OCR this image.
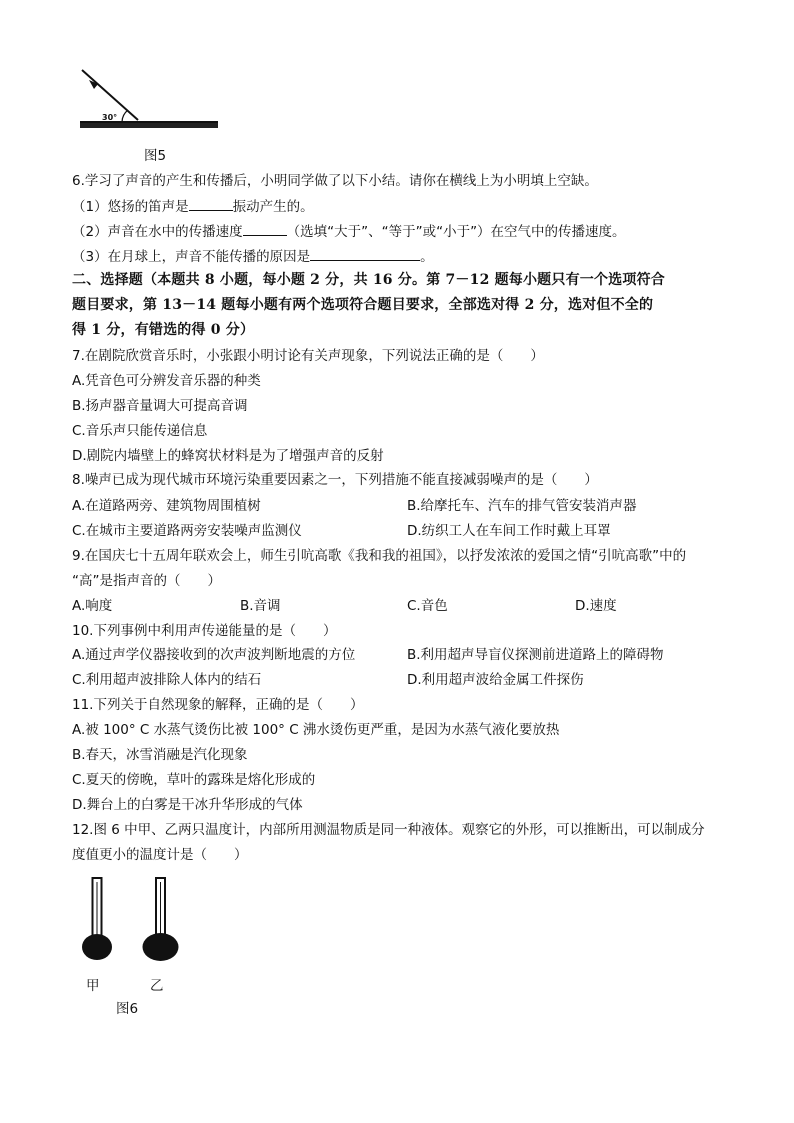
30°
图5
6.学习了声音的产生和传播后，小明同学做了以下小结。请你在横线上为小明填上空缺。
（1）悠扬的笛声是	振动产生的。
（2）声音在水中的传播速度	（选填“大于”、“等于”或“小于”）在空气中的传播速度。
（3）在月球上，声音不能传播的原因是	。
二、选择题（本题共 8 小题，每小题 2 分，共 16 分。第 7－12 题每小题只有一个选项符合
题目要求，第 13－14 题每小题有两个选项符合题目要求，全部选对得 2 分，选对但不全的
得 1 分，有错选的得 0 分）
7.在剧院欣赏音乐时，小张跟小明讨论有关声现象，下列说法正确的是（　　）
A.凭音色可分辨发音乐器的种类
B.扬声器音量调大可提高音调
C.音乐声只能传递信息
D.剧院内墙壁上的蜂窝状材料是为了增强声音的反射
8.噪声已成为现代城市环境污染重要因素之一，下列措施不能直接减弱噪声的是（　　）
A.在道路两旁、建筑物周围植树	B.给摩托车、汽车的排气管安装消声器
C.在城市主要道路两旁安装噪声监测仪	D.纺织工人在车间工作时戴上耳罩
9.在国庆七十五周年联欢会上，师生引吭高歌《我和我的祖国》，以抒发浓浓的爱国之情“引吭高歌”中的
“高”是指声音的（　　）
A.响度	B.音调	C.音色	D.速度
10.下列事例中利用声传递能量的是（　　）
A.通过声学仪器接收到的次声波判断地震的方位	B.利用超声导盲仪探测前进道路上的障碍物
C.利用超声波排除人体内的结石	D.利用超声波给金属工件探伤
11.下列关于自然现象的解释，正确的是（　　）
A.被 100° C 水蒸气烫伤比被 100° C 沸水烫伤更严重，是因为水蒸气液化要放热
B.春天，冰雪消融是汽化现象
C.夏天的傍晚，草叶的露珠是熔化形成的
D.舞台上的白雾是干冰升华形成的气体
12.图 6 中甲、乙两只温度计，内部所用测温物质是同一种液体。观察它的外形，可以推断出，可以制成分
度值更小的温度计是（　　）
甲	乙
图6
